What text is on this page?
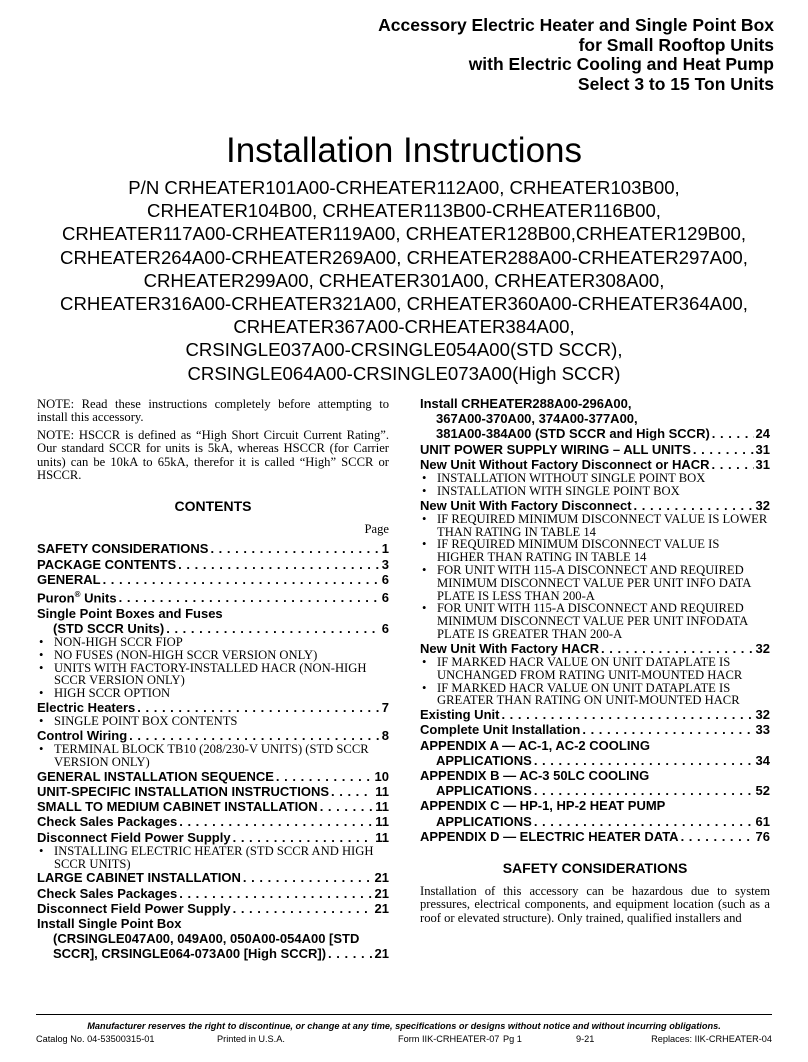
Accessory Electric Heater and Single Point Box
for Small Rooftop Units
with Electric Cooling and Heat Pump
Select 3 to 15 Ton Units
Installation Instructions
P/N CRHEATER101A00-CRHEATER112A00, CRHEATER103B00,
CRHEATER104B00, CRHEATER113B00-CRHEATER116B00,
CRHEATER117A00-CRHEATER119A00, CRHEATER128B00,CRHEATER129B00,
CRHEATER264A00-CRHEATER269A00, CRHEATER288A00-CRHEATER297A00,
CRHEATER299A00, CRHEATER301A00, CRHEATER308A00,
CRHEATER316A00-CRHEATER321A00, CRHEATER360A00-CRHEATER364A00,
CRHEATER367A00-CRHEATER384A00,
CRSINGLE037A00-CRSINGLE054A00(STD SCCR),
CRSINGLE064A00-CRSINGLE073A00(High SCCR)
NOTE: Read these instructions completely before attempting to install this accessory.
NOTE: HSCCR is defined as “High Short Circuit Current Rating”. Our standard SCCR for units is 5kA, whereas HSCCR (for Carrier units) can be 10kA to 65kA, therefor it is called “High” SCCR or HSCCR.
CONTENTS
Page
SAFETY CONSIDERATIONS . . .	1
PACKAGE CONTENTS . . .	3
GENERAL . . .	6
Puron® Units . . .	6
Single Point Boxes and Fuses
(STD SCCR Units) . . .	6
• NON-HIGH SCCR FIOP
• NO FUSES (NON-HIGH SCCR VERSION ONLY)
• UNITS WITH FACTORY-INSTALLED HACR (NON-HIGH SCCR VERSION ONLY)
• HIGH SCCR OPTION
Electric Heaters . . .	7
• SINGLE POINT BOX CONTENTS
Control Wiring . . .	8
• TERMINAL BLOCK TB10 (208/230-V UNITS) (STD SCCR VERSION ONLY)
GENERAL INSTALLATION SEQUENCE . . .	10
UNIT-SPECIFIC INSTALLATION INSTRUCTIONS . . .	11
SMALL TO MEDIUM CABINET INSTALLATION . . .	11
Check Sales Packages . . .	11
Disconnect Field Power Supply . . .	11
• INSTALLING ELECTRIC HEATER (STD SCCR AND HIGH SCCR UNITS)
LARGE CABINET INSTALLATION . . .	21
Check Sales Packages . . .	21
Disconnect Field Power Supply . . .	21
Install Single Point Box
(CRSINGLE047A00, 049A00, 050A00-054A00 [STD
SCCR], CRSINGLE064-073A00 [High SCCR]) . . .	21
Install CRHEATER288A00-296A00,
367A00-370A00, 374A00-377A00,
381A00-384A00 (STD SCCR and High SCCR) . . .	24
UNIT POWER SUPPLY WIRING – ALL UNITS . . .	31
New Unit Without Factory Disconnect or HACR . . .	31
• INSTALLATION WITHOUT SINGLE POINT BOX
• INSTALLATION WITH SINGLE POINT BOX
New Unit With Factory Disconnect . . .	32
• IF REQUIRED MINIMUM DISCONNECT VALUE IS LOWER THAN RATING IN TABLE 14
• IF REQUIRED MINIMUM DISCONNECT VALUE IS HIGHER THAN RATING IN TABLE 14
• FOR UNIT WITH 115-A DISCONNECT AND REQUIRED MINIMUM DISCONNECT VALUE PER UNIT INFO DATA PLATE IS LESS THAN 200-A
• FOR UNIT WITH 115-A DISCONNECT AND REQUIRED MINIMUM DISCONNECT VALUE PER UNIT INFODATA PLATE IS GREATER THAN 200-A
New Unit With Factory HACR . . .	32
• IF MARKED HACR VALUE ON UNIT DATAPLATE IS UNCHANGED FROM RATING UNIT-MOUNTED HACR
• IF MARKED HACR VALUE ON UNIT DATAPLATE IS GREATER THAN RATING ON UNIT-MOUNTED HACR
Existing Unit . . .	32
Complete Unit Installation . . .	33
APPENDIX A — AC-1, AC-2 COOLING
APPLICATIONS . . .	34
APPENDIX B — AC-3 50LC COOLING
APPLICATIONS . . .	52
APPENDIX C — HP-1, HP-2 HEAT PUMP
APPLICATIONS . . .	61
APPENDIX D — ELECTRIC HEATER DATA . . .	76
SAFETY CONSIDERATIONS
Installation of this accessory can be hazardous due to system pressures, electrical components, and equipment location (such as a roof or elevated structure). Only trained, qualified installers and
Manufacturer reserves the right to discontinue, or change at any time, specifications or designs without notice and without incurring obligations.
Catalog No. 04-53500315-01	Printed in U.S.A.	Form IIK-CRHEATER-07 Pg 1	9-21	Replaces: IIK-CRHEATER-04
